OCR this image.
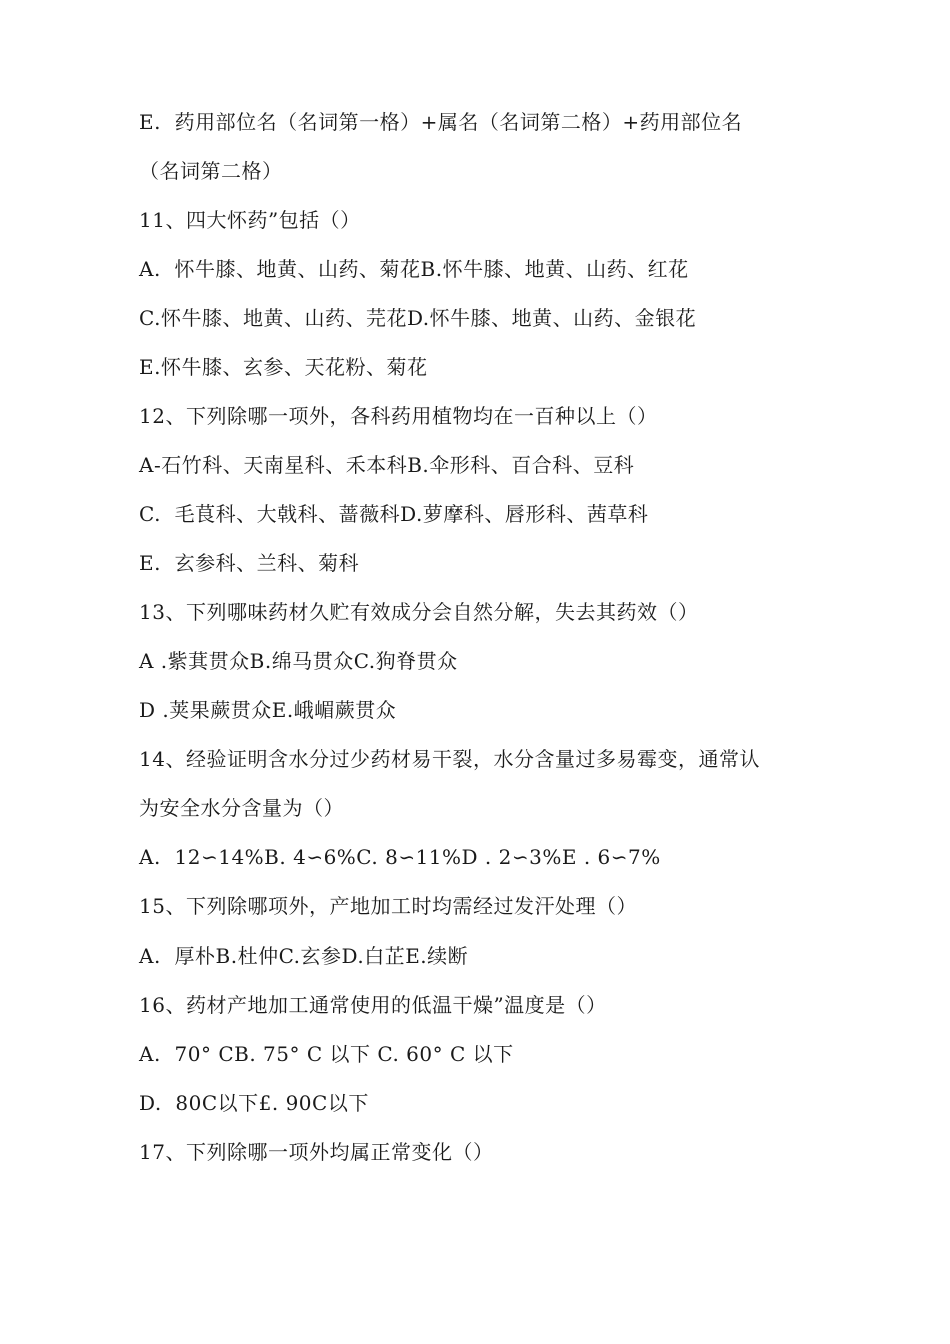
E.  药用部位名（名词第一格）+属名（名词第二格）+药用部位名
（名词第二格）
11、四大怀药”包括（）
A.  怀牛膝、地黄、山药、菊花B.怀牛膝、地黄、山药、红花
C.怀牛膝、地黄、山药、芫花D.怀牛膝、地黄、山药、金银花
E.怀牛膝、玄参、天花粉、菊花
12、下列除哪一项外，各科药用植物均在一百种以上（）
A-石竹科、天南星科、禾本科B.伞形科、百合科、豆科
C.  毛茛科、大戟科、蔷薇科D.萝摩科、唇形科、茜草科
E.  玄参科、兰科、菊科
13、下列哪味药材久贮有效成分会自然分解，失去其药效（）
A .紫萁贯众B.绵马贯众C.狗脊贯众
D .荚果蕨贯众E.峨嵋蕨贯众
14、经验证明含水分过少药材易干裂，水分含量过多易霉变，通常认
为安全水分含量为（）
A.  12∽14%B. 4∽6%C. 8∽11%D . 2∽3%E . 6∽7%
15、下列除哪项外，产地加工时均需经过发汗处理（）
A.  厚朴B.杜仲C.玄参D.白芷E.续断
16、药材产地加工通常使用的低温干燥”温度是（）
A.  70° CB. 75° C 以下 C. 60° C 以下
D.  80C以下£. 90C以下
17、下列除哪一项外均属正常变化（）
